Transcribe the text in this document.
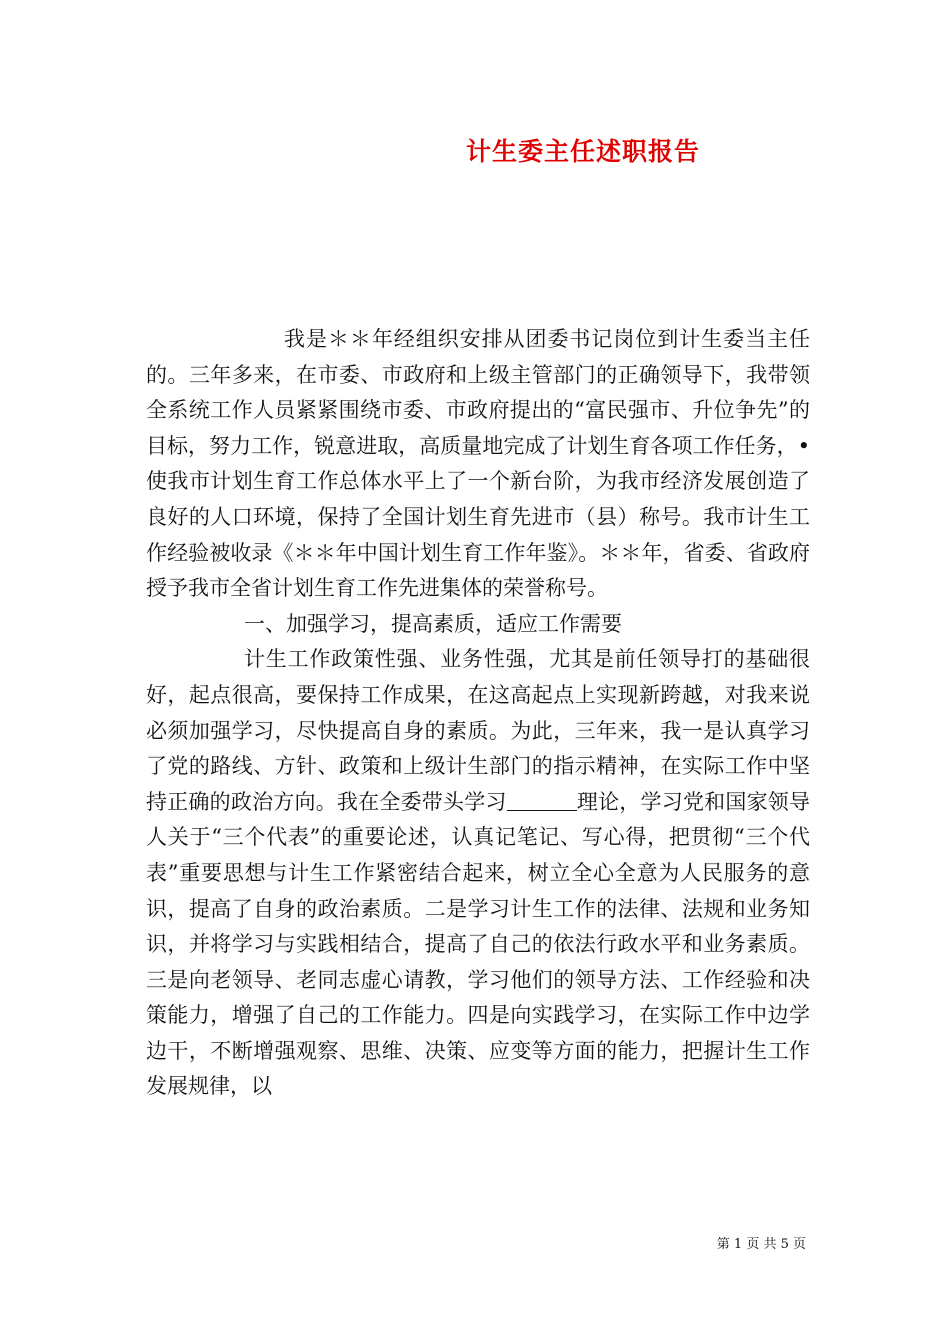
计生委主任述职报告

我是＊＊年经组织安排从团委书记岗位到计生委当主任的。三年多来，在市委、市政府和上级主管部门的正确领导下，我带领全系统工作人员紧紧围绕市委、市政府提出的“富民强市、升位争先”的目标，努力工作，锐意进取，高质量地完成了计划生育各项工作任务，•使我市计划生育工作总体水平上了一个新台阶，为我市经济发展创造了良好的人口环境，保持了全国计划生育先进市（县）称号。我市计生工作经验被收录《＊＊年中国计划生育工作年鉴》。＊＊年，省委、省政府授予我市全省计划生育工作先进集体的荣誉称号。

一、加强学习，提高素质，适应工作需要

计生工作政策性强、业务性强，尤其是前任领导打的基础很好，起点很高，要保持工作成果，在这高起点上实现新跨越，对我来说必须加强学习，尽快提高自身的素质。为此，三年来，我一是认真学习了党的路线、方针、政策和上级计生部门的指示精神，在实际工作中坚持正确的政治方向。我在全委带头学习	理论，学习党和国家领导人关于“三个代表”的重要论述，认真记笔记、写心得，把贯彻“三个代表”重要思想与计生工作紧密结合起来，树立全心全意为人民服务的意识，提高了自身的政治素质。二是学习计生工作的法律、法规和业务知识，并将学习与实践相结合，提高了自己的依法行政水平和业务素质。三是向老领导、老同志虚心请教，学习他们的领导方法、工作经验和决策能力，增强了自己的工作能力。四是向实践学习，在实际工作中边学边干，不断增强观察、思维、决策、应变等方面的能力，把握计生工作发展规律，以

第 1 页 共 5 页
